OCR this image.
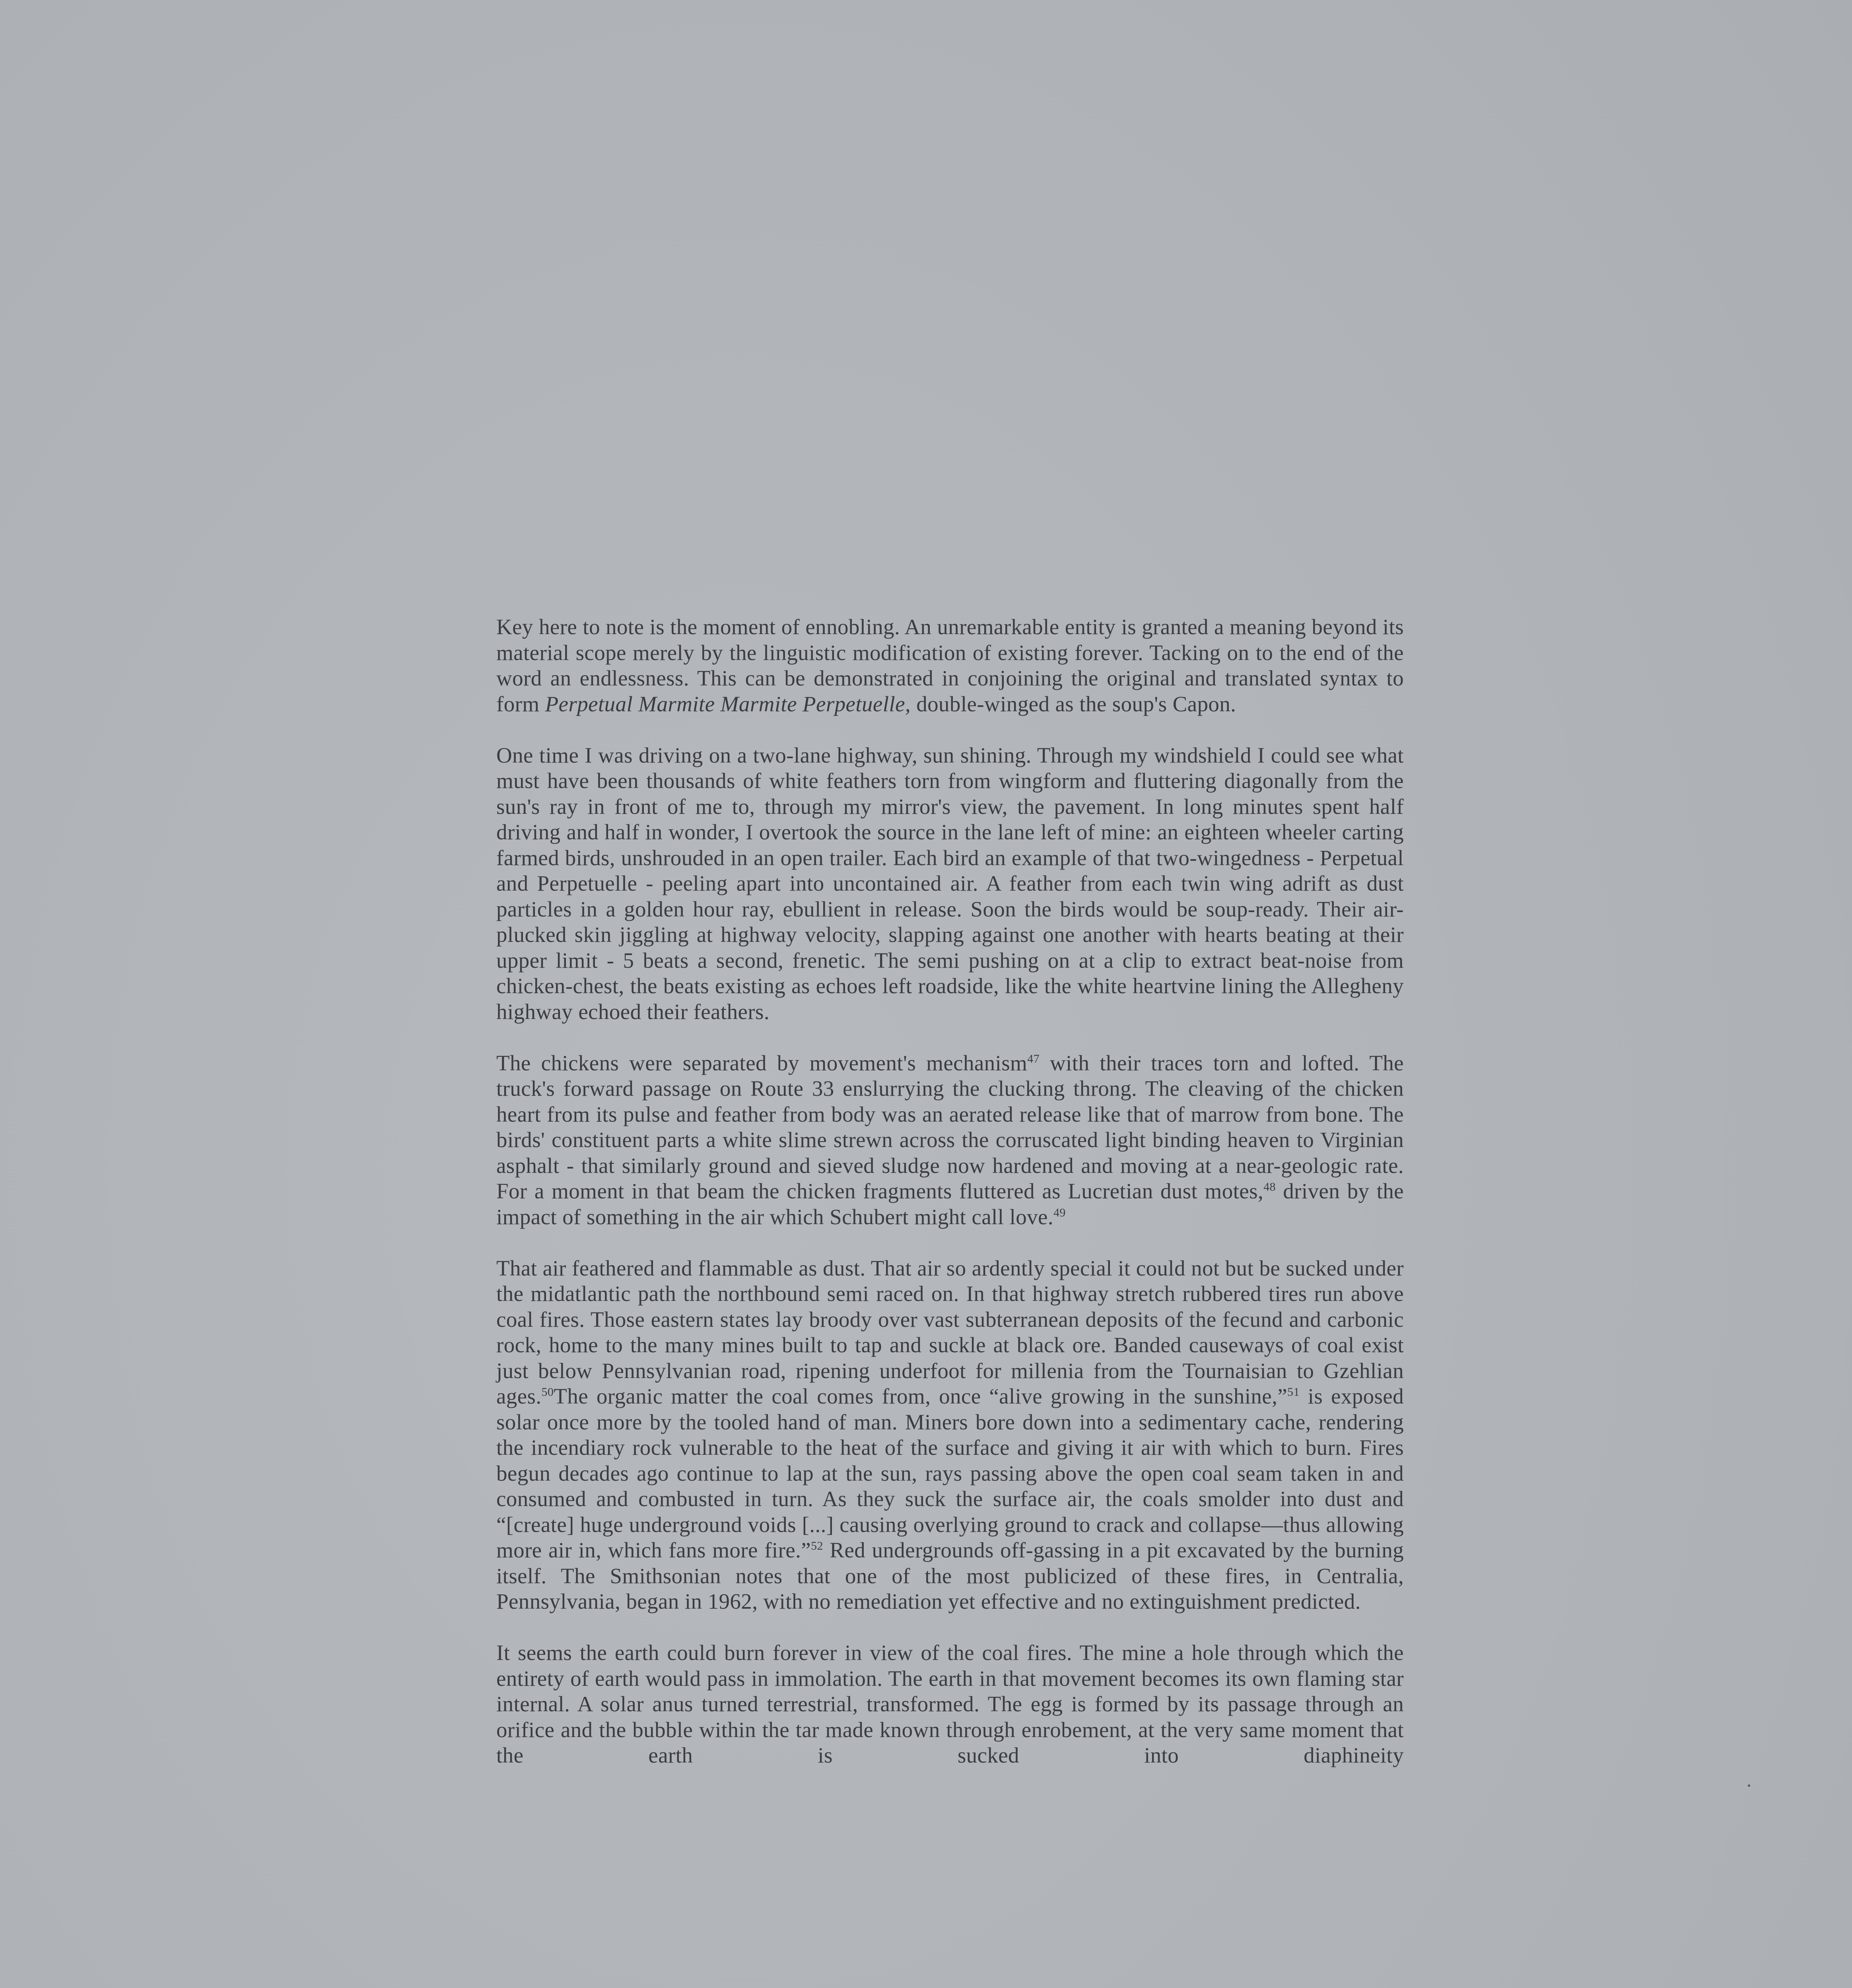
Key here to note is the moment of ennobling. An unremarkable entity is granted a meaning beyond its material scope merely by the linguistic modification of existing forever. Tacking on to the end of the word an endlessness. This can be demonstrated in conjoining the original and translated syntax to form Perpetual Marmite Marmite Perpetuelle, double-winged as the soup's Capon.

One time I was driving on a two-lane highway, sun shining. Through my windshield I could see what must have been thousands of white feathers torn from wingform and fluttering diagonally from the sun's ray in front of me to, through my mirror's view, the pavement. In long minutes spent half driving and half in wonder, I overtook the source in the lane left of mine: an eighteen wheeler carting farmed birds, unshrouded in an open trailer. Each bird an example of that two-wingedness - Perpetual and Perpetuelle - peeling apart into uncontained air. A feather from each twin wing adrift as dust particles in a golden hour ray, ebullient in release. Soon the birds would be soup-ready. Their air-plucked skin jiggling at highway velocity, slapping against one another with hearts beating at their upper limit - 5 beats a second, frenetic. The semi pushing on at a clip to extract beat-noise from chicken-chest, the beats existing as echoes left roadside, like the white heartvine lining the Allegheny highway echoed their feathers.

The chickens were separated by movement's mechanism$^{47}$ with their traces torn and lofted. The truck's forward passage on Route 33 enslurrying the clucking throng. The cleaving of the chicken heart from its pulse and feather from body was an aerated release like that of marrow from bone. The birds' constituent parts a white slime strewn across the corruscated light binding heaven to Virginian asphalt - that similarly ground and sieved sludge now hardened and moving at a near-geologic rate. For a moment in that beam the chicken fragments fluttered as Lucretian dust motes,$^{48}$ driven by the impact of something in the air which Schubert might call love.$^{49}$

That air feathered and flammable as dust. That air so ardently special it could not but be sucked under the midatlantic path the northbound semi raced on. In that highway stretch rubbered tires run above coal fires. Those eastern states lay broody over vast subterranean deposits of the fecund and carbonic rock, home to the many mines built to tap and suckle at black ore. Banded causeways of coal exist just below Pennsylvanian road, ripening underfoot for millenia from the Tournaisian to Gzehlian ages.$^{50}$The organic matter the coal comes from, once “alive growing in the sunshine,”$^{51}$ is exposed solar once more by the tooled hand of man. Miners bore down into a sedimentary cache, rendering the incendiary rock vulnerable to the heat of the surface and giving it air with which to burn. Fires begun decades ago continue to lap at the sun, rays passing above the open coal seam taken in and consumed and combusted in turn. As they suck the surface air, the coals smolder into dust and “[create] huge underground voids [...] causing overlying ground to crack and collapse—thus allowing more air in, which fans more fire.”$^{52}$ Red undergrounds off-gassing in a pit excavated by the burning itself. The Smithsonian notes that one of the most publicized of these fires, in Centralia, Pennsylvania, began in 1962, with no remediation yet effective and no extinguishment predicted.

It seems the earth could burn forever in view of the coal fires. The mine a hole through which the entirety of earth would pass in immolation. The earth in that movement becomes its own flaming star internal. A solar anus turned terrestrial, transformed. The egg is formed by its passage through an orifice and the bubble within the tar made known through enrobement, at the very same moment that the earth is sucked into diaphineity
